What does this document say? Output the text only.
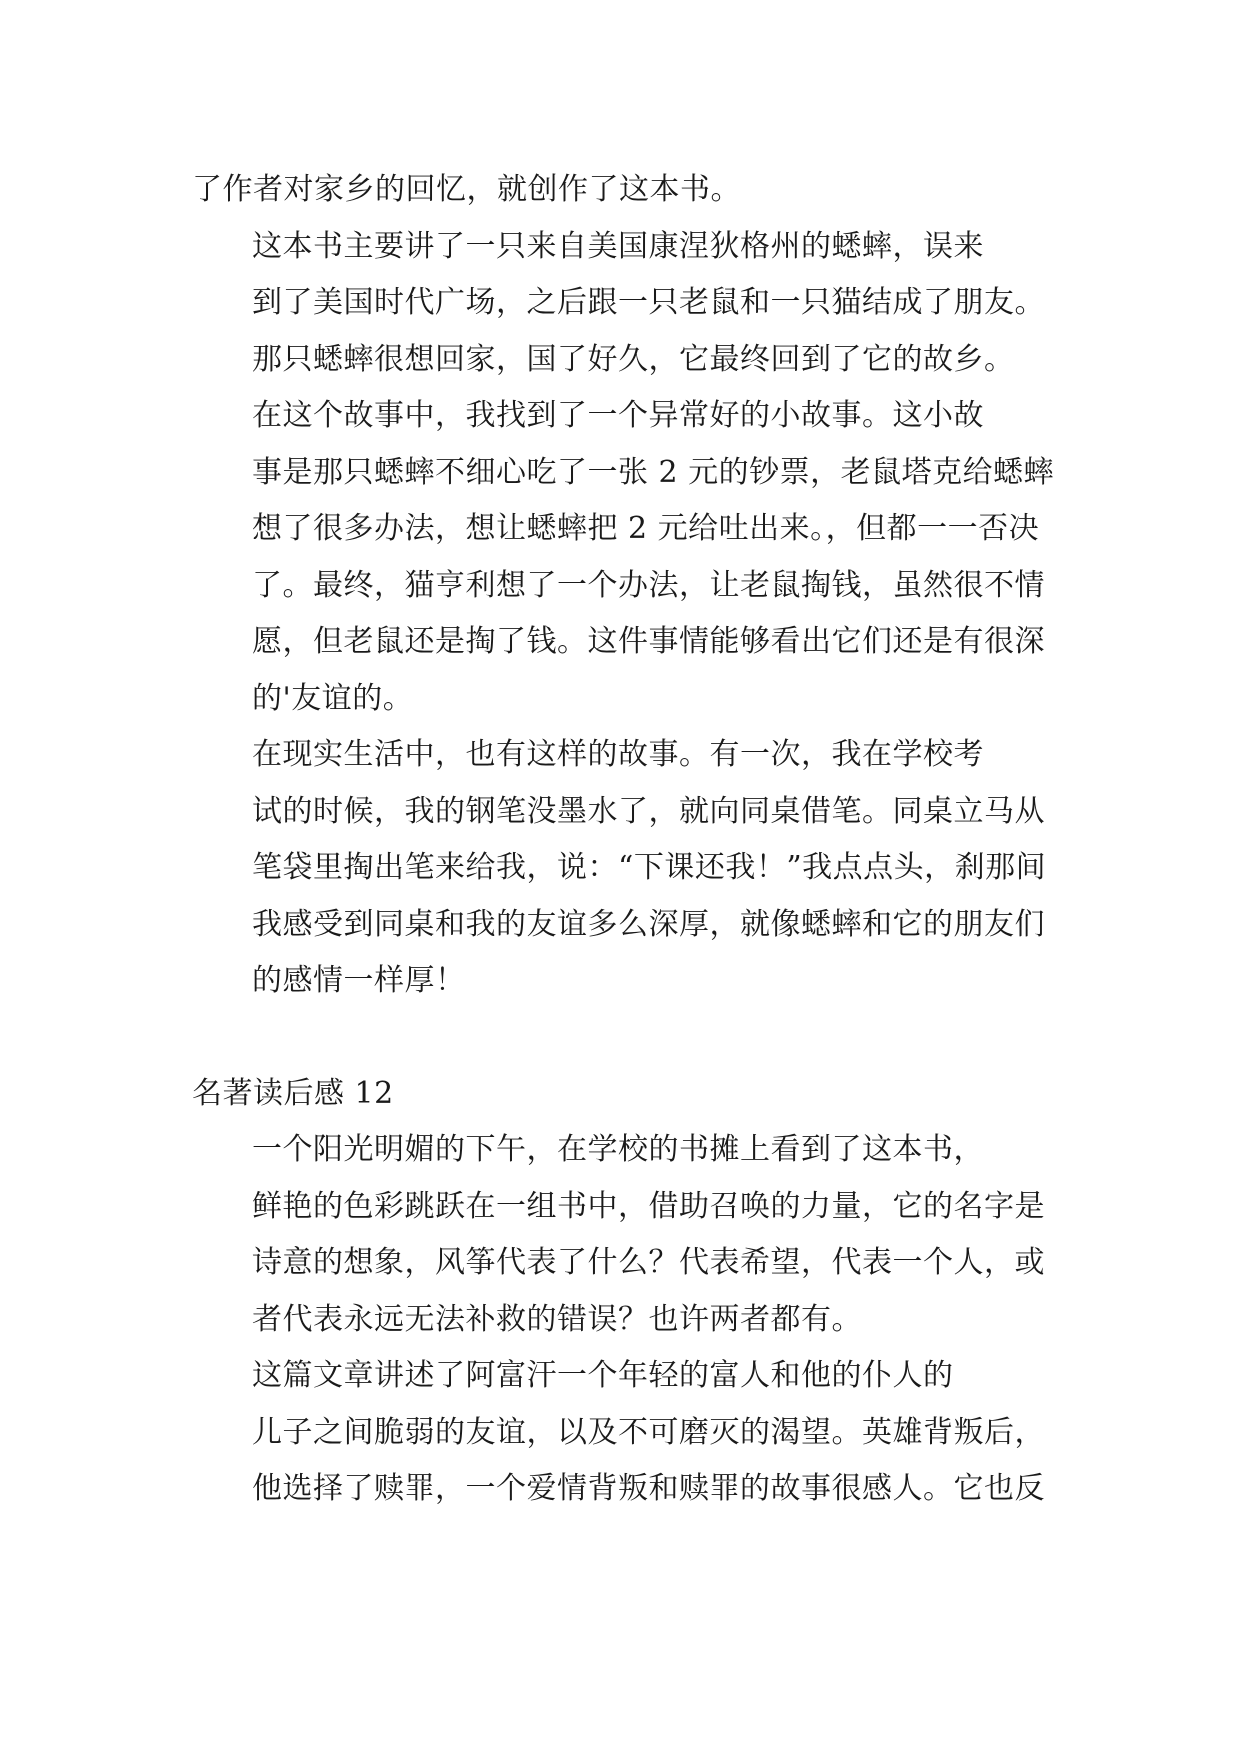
了作者对家乡的回忆，就创作了这本书。

这本书主要讲了一只来自美国康涅狄格州的蟋蟀，误来
到了美国时代广场，之后跟一只老鼠和一只猫结成了朋友。
那只蟋蟀很想回家，国了好久，它最终回到了它的故乡。

在这个故事中，我找到了一个异常好的小故事。这小故
事是那只蟋蟀不细心吃了一张 2 元的钞票，老鼠塔克给蟋蟀
想了很多办法，想让蟋蟀把 2 元给吐出来。，但都一一否决
了。最终，猫亨利想了一个办法，让老鼠掏钱，虽然很不情
愿，但老鼠还是掏了钱。这件事情能够看出它们还是有很深
的'友谊的。

在现实生活中，也有这样的故事。有一次，我在学校考
试的时候，我的钢笔没墨水了，就向同桌借笔。同桌立马从
笔袋里掏出笔来给我，说：“下课还我！”我点点头，刹那间
我感受到同桌和我的友谊多么深厚，就像蟋蟀和它的朋友们
的感情一样厚！

名著读后感 12

一个阳光明媚的下午，在学校的书摊上看到了这本书，
鲜艳的色彩跳跃在一组书中，借助召唤的力量，它的名字是
诗意的想象，风筝代表了什么？代表希望，代表一个人，或
者代表永远无法补救的错误？也许两者都有。

这篇文章讲述了阿富汗一个年轻的富人和他的仆人的
儿子之间脆弱的友谊，以及不可磨灭的渴望。英雄背叛后，
他选择了赎罪，一个爱情背叛和赎罪的故事很感人。它也反
